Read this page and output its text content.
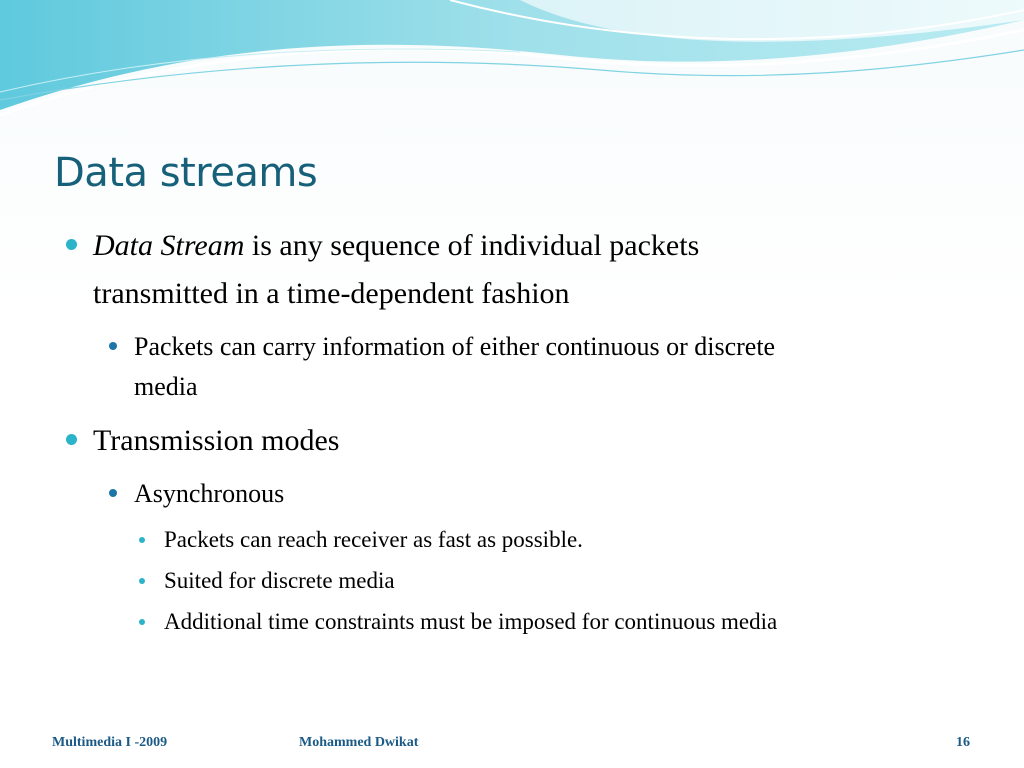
Data streams
Data Stream is any sequence of individual packets
transmitted in a time-dependent fashion
Packets can carry information of either continuous or discrete
media
Transmission modes
Asynchronous
Packets can reach receiver as fast as possible.
Suited for discrete media
Additional time constraints must be imposed for continuous media
Multimedia I -2009	Mohammed Dwikat	16
